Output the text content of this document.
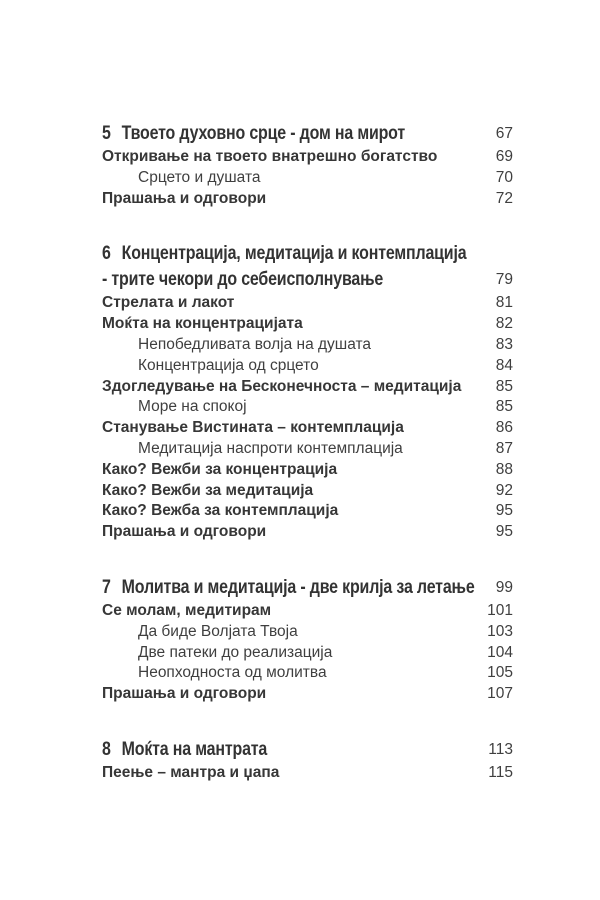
5 Твоето духовно срце - дом на мирот	67
Откривање на твоето внатрешно богатство	69
Срцето и душата	70
Прашања и одговори	72
6 Концентрација, медитација и контемплација
- трите чекори до себеисполнување	79
Стрелата и лакот	81
Моќта на концентрацијата	82
Непобедливата волја на душата	83
Концентрација од срцето	84
Здогледување на Бесконечноста – медитација 85
Море на спокој	85
Станување Вистината – контемплација	86
Медитација наспроти контемплација	87
Како? Вежби за концентрација	88
Како? Вежби за медитација	92
Како? Вежба за контемплација	95
Прашања и одговори	95
7 Молитва и медитација - две крилја за летање 99
Се молам, медитирам	101
Да биде Волјата Твоја	103
Две патеки до реализација	104
Неопходноста од молитва	105
Прашања и одговори	107
8 Моќта на мантрата	113
Пеење – мантра и џапа	115
